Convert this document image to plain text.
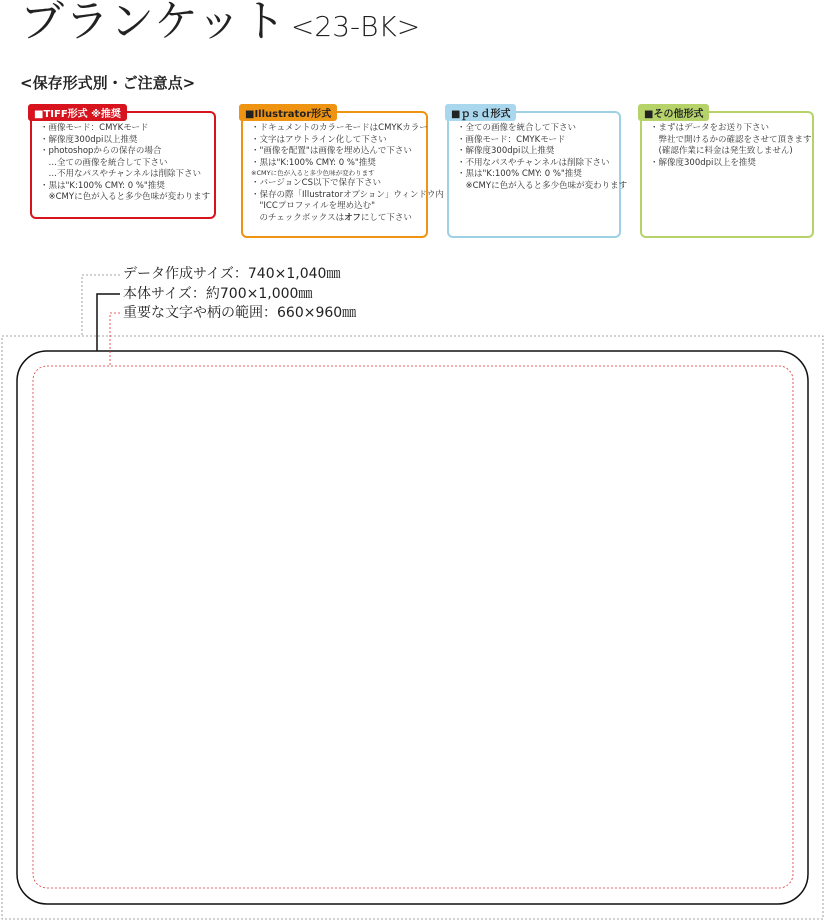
ブランケット <23-BK>
<保存形式別・ご注意点>
■TIFF形式 ※推奨
・画像モード：CMYKモード
・解像度300dpi以上推奨
・photoshopからの保存の場合
　…全ての画像を統合して下さい
　…不用なパスやチャンネルは削除下さい
・黒は"K:100% CMY: 0 %"推奨
　※CMYに色が入ると多少色味が変わります
■Illustrator形式
・ドキュメントのカラーモードはCMYKカラー
・文字はアウトライン化して下さい
・"画像を配置"は画像を埋め込んで下さい
・黒は"K:100% CMY: 0 %"推奨
※CMYに色が入ると多少色味が変わります
・バージョンCS以下で保存下さい
・保存の際「Illustratorオプション」ウィンドウ内
　"ICCプロファイルを埋め込む"
　のチェックボックスはオフにして下さい
■ｐｓｄ形式
・全ての画像を統合して下さい
・画像モード：CMYKモード
・解像度300dpi以上推奨
・不用なパスやチャンネルは削除下さい
・黒は"K:100% CMY: 0 %"推奨
　※CMYに色が入ると多少色味が変わります
■その他形式
・まずはデータをお送り下さい
　弊社で開けるかの確認をさせて頂きます
　(確認作業に料金は発生致しません)
・解像度300dpi以上を推奨
データ作成サイズ：740×1,040㎜
本体サイズ：約700×1,000㎜
重要な文字や柄の範囲：660×960㎜
